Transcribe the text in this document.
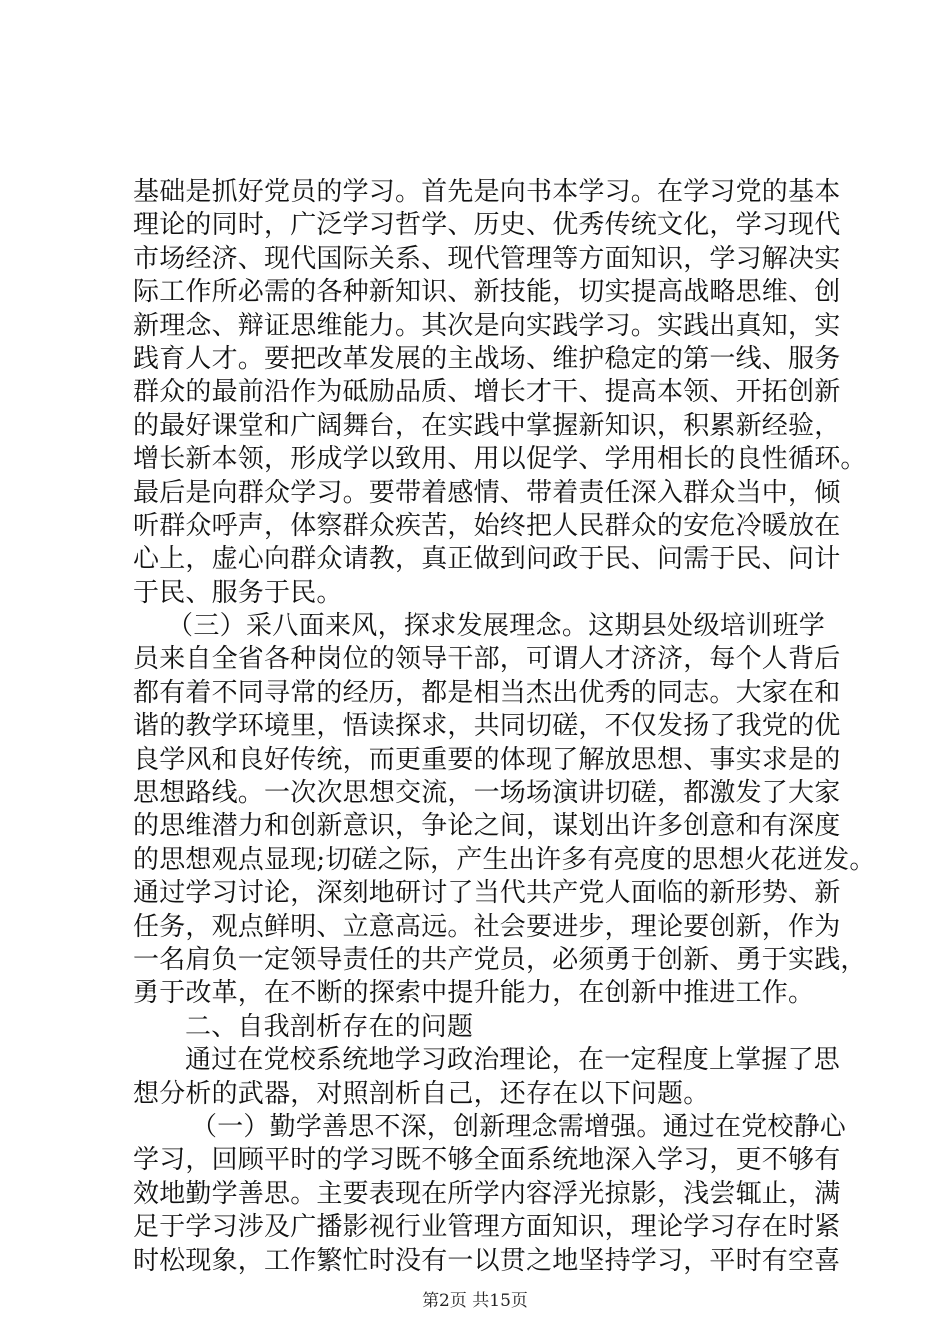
基础是抓好党员的学习。首先是向书本学习。在学习党的基本
理论的同时，广泛学习哲学、历史、优秀传统文化，学习现代
市场经济、现代国际关系、现代管理等方面知识，学习解决实
际工作所必需的各种新知识、新技能，切实提高战略思维、创
新理念、辩证思维能力。其次是向实践学习。实践出真知，实
践育人才。要把改革发展的主战场、维护稳定的第一线、服务
群众的最前沿作为砥励品质、增长才干、提高本领、开拓创新
的最好课堂和广阔舞台，在实践中掌握新知识，积累新经验，
增长新本领，形成学以致用、用以促学、学用相长的良性循环。
最后是向群众学习。要带着感情、带着责任深入群众当中，倾
听群众呼声，体察群众疾苦，始终把人民群众的安危冷暖放在
心上，虚心向群众请教，真正做到问政于民、问需于民、问计
于民、服务于民。
（三）采八面来风，探求发展理念。这期县处级培训班学
员来自全省各种岗位的领导干部，可谓人才济济，每个人背后
都有着不同寻常的经历，都是相当杰出优秀的同志。大家在和
谐的教学环境里，悟读探求，共同切磋，不仅发扬了我党的优
良学风和良好传统，而更重要的体现了解放思想、事实求是的
思想路线。一次次思想交流，一场场演讲切磋，都激发了大家
的思维潜力和创新意识，争论之间，谋划出许多创意和有深度
的思想观点显现;切磋之际，产生出许多有亮度的思想火花迸发。
通过学习讨论，深刻地研讨了当代共产党人面临的新形势、新
任务，观点鲜明、立意高远。社会要进步，理论要创新，作为
一名肩负一定领导责任的共产党员，必须勇于创新、勇于实践，
勇于改革，在不断的探索中提升能力，在创新中推进工作。
二、自我剖析存在的问题
通过在党校系统地学习政治理论，在一定程度上掌握了思
想分析的武器，对照剖析自己，还存在以下问题。
（一）勤学善思不深，创新理念需增强。通过在党校静心
学习，回顾平时的学习既不够全面系统地深入学习，更不够有
效地勤学善思。主要表现在所学内容浮光掠影，浅尝辄止，满
足于学习涉及广播影视行业管理方面知识，理论学习存在时紧
时松现象，工作繁忙时没有一以贯之地坚持学习，平时有空喜
第2页 共15页
